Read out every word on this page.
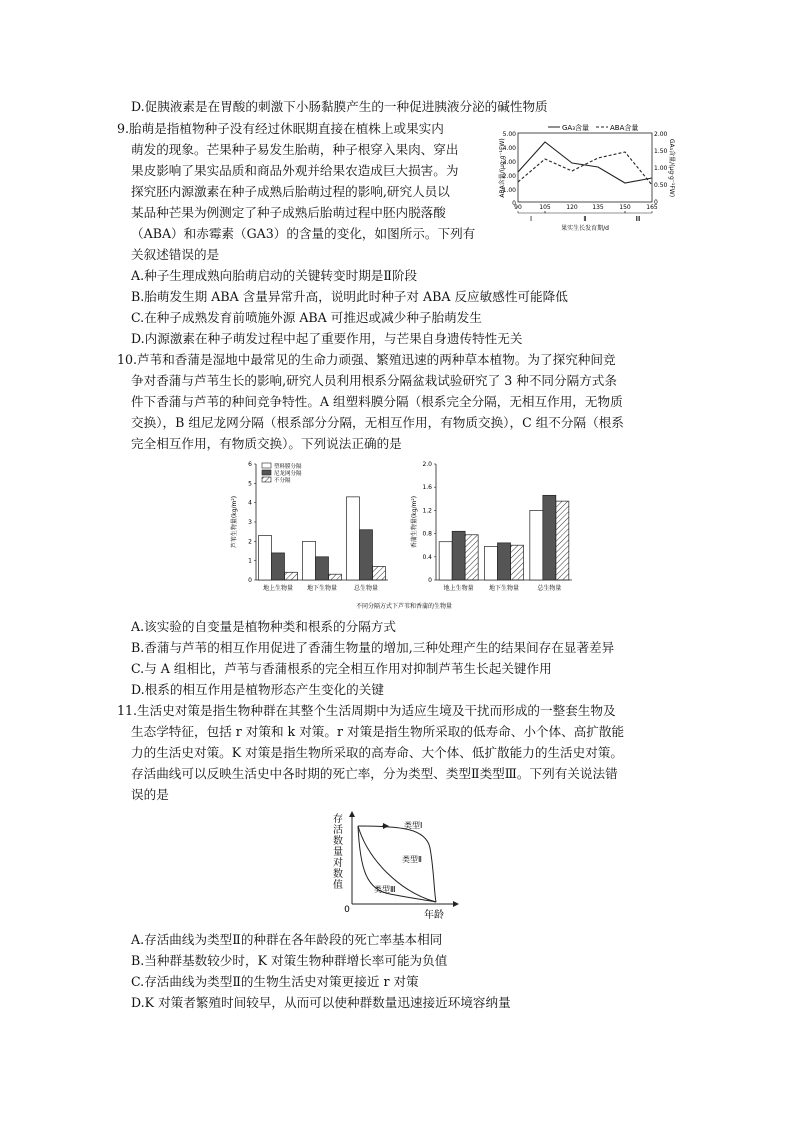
D.促胰液素是在胃酸的刺激下小肠黏膜产生的一种促进胰液分泌的碱性物质
9.胎萌是指植物种子没有经过休眠期直接在植株上或果实内
萌发的现象。芒果种子易发生胎萌，种子根穿入果肉、穿出
果皮影响了果实品质和商品外观并给果农造成巨大损害。为
探究胚内源激素在种子成熟后胎萌过程的影响,研究人员以
某品种芒果为例测定了种子成熟后胎萌过程中胚内脱落酸
（ABA）和赤霉素（GA3）的含量的变化，如图所示。下列有
关叙述错误的是
GA₃含量	ABA含量
5.00
4.00
3.00
2.00
1.00
0
2.00
1.50
1.00
0.50
0
ABA含量/(μg·g⁻¹FW)	GA₃含量/(μg·g⁻¹FW)
90	105	120 135	150	165
Ⅰ	Ⅱ	Ⅲ
果实生长发育期/d
A.种子生理成熟向胎萌启动的关键转变时期是Ⅱ阶段
B.胎萌发生期 ABA 含量异常升高，说明此时种子对 ABA 反应敏感性可能降低
C.在种子成熟发育前喷施外源 ABA 可推迟或减少种子胎萌发生
D.内源激素在种子萌发过程中起了重要作用，与芒果自身遗传特性无关
10.芦苇和香蒲是湿地中最常见的生命力顽强、繁殖迅速的两种草本植物。为了探究种间竞
争对香蒲与芦苇生长的影响,研究人员利用根系分隔盆栽试验研究了 3 种不同分隔方式条
件下香蒲与芦苇的种间竞争特性。A 组塑料膜分隔（根系完全分隔，无相互作用，无物质
交换），B 组尼龙网分隔（根系部分分隔，无相互作用，有物质交换），C 组不分隔（根系
完全相互作用，有物质交换）。下列说法正确的是
6
5
4
3
2
1
0
芦苇生物量(kg/m²)
地上生物量 地下生物量	总生物量
塑料膜分隔
尼龙网分隔
不分隔
2.0
1.6
1.2
0.8
0.4
0
香蒲生物量(kg/m²)
地上生物量	地下生物量	总生物量
不同分隔方式下芦苇和香蒲的生物量
A.该实验的自变量是植物种类和根系的分隔方式
B.香蒲与芦苇的相互作用促进了香蒲生物量的增加,三种处理产生的结果间存在显著差异
C.与 A 组相比，芦苇与香蒲根系的完全相互作用对抑制芦苇生长起关键作用
D.根系的相互作用是植物形态产生变化的关键
11.生活史对策是指生物种群在其整个生活周期中为适应生境及干扰而形成的一整套生物及
生态学特征，包括 r 对策和 k 对策。r 对策是指生物所采取的低寿命、小个体、高扩散能
力的生活史对策。K 对策是指生物所采取的高寿命、大个体、低扩散能力的生活史对策。
存活曲线可以反映生活史中各时期的死亡率，分为类型、类型Ⅱ类型Ⅲ。下列有关说法错
误的是
存活数量对数值
0	年龄
类型Ⅰ
类型Ⅱ
类型Ⅲ
A.存活曲线为类型Ⅱ的种群在各年龄段的死亡率基本相同
B.当种群基数较少时，K 对策生物种群增长率可能为负值
C.存活曲线为类型Ⅱ的生物生活史对策更接近 r 对策
D.K 对策者繁殖时间较早，从而可以使种群数量迅速接近环境容纳量
